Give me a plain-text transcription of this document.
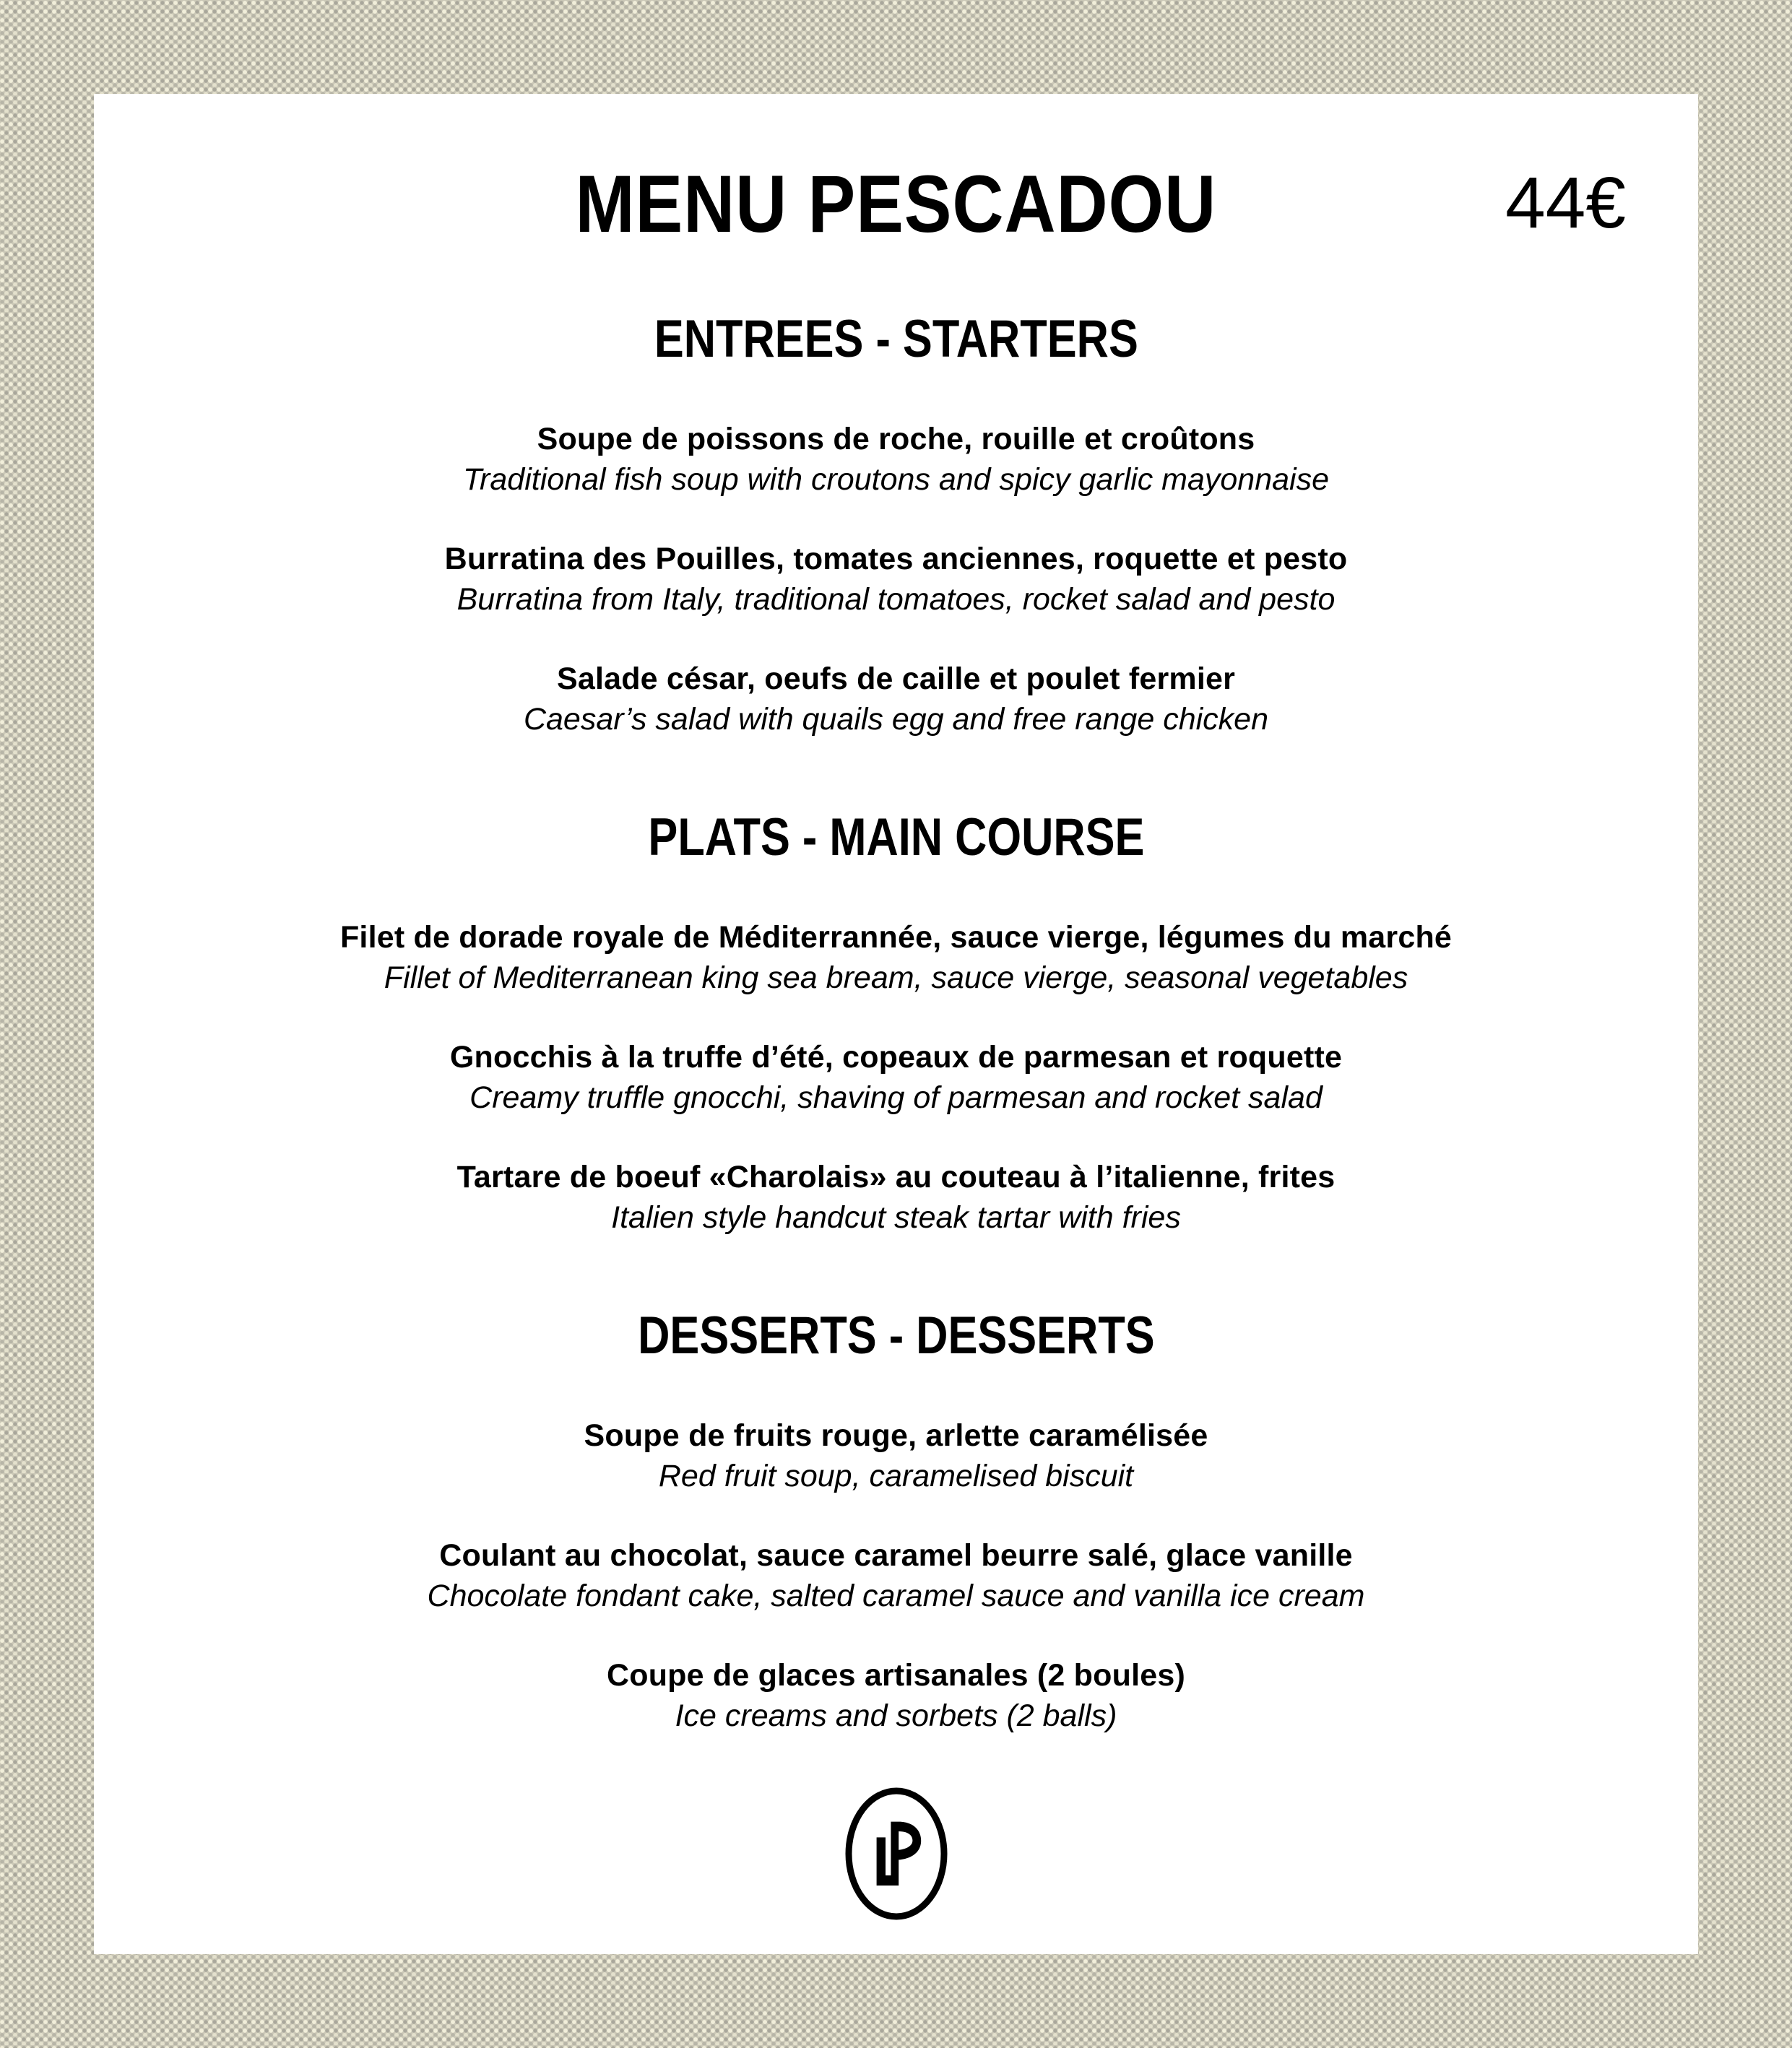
MENU PESCADOU	44€
ENTREES - STARTERS
Soupe de poissons de roche, rouille et croûtons
Traditional fish soup with croutons and spicy garlic mayonnaise
Burratina des Pouilles, tomates anciennes, roquette et pesto
Burratina from Italy, traditional tomatoes, rocket salad and pesto
Salade césar, oeufs de caille et poulet fermier
Caesar’s salad with quails egg and free range chicken
PLATS - MAIN COURSE
Filet de dorade royale de Méditerrannée, sauce vierge, légumes du marché
Fillet of Mediterranean king sea bream, sauce vierge, seasonal vegetables
Gnocchis à la truffe d’été, copeaux de parmesan et roquette
Creamy truffle gnocchi, shaving of parmesan and rocket salad
Tartare de boeuf «Charolais» au couteau à l’italienne, frites
Italien style handcut steak tartar with fries
DESSERTS - DESSERTS
Soupe de fruits rouge, arlette caramélisée
Red fruit soup, caramelised biscuit
Coulant au chocolat, sauce caramel beurre salé, glace vanille
Chocolate fondant cake, salted caramel sauce and vanilla ice cream
Coupe de glaces artisanales (2 boules)
Ice creams and sorbets (2 balls)
